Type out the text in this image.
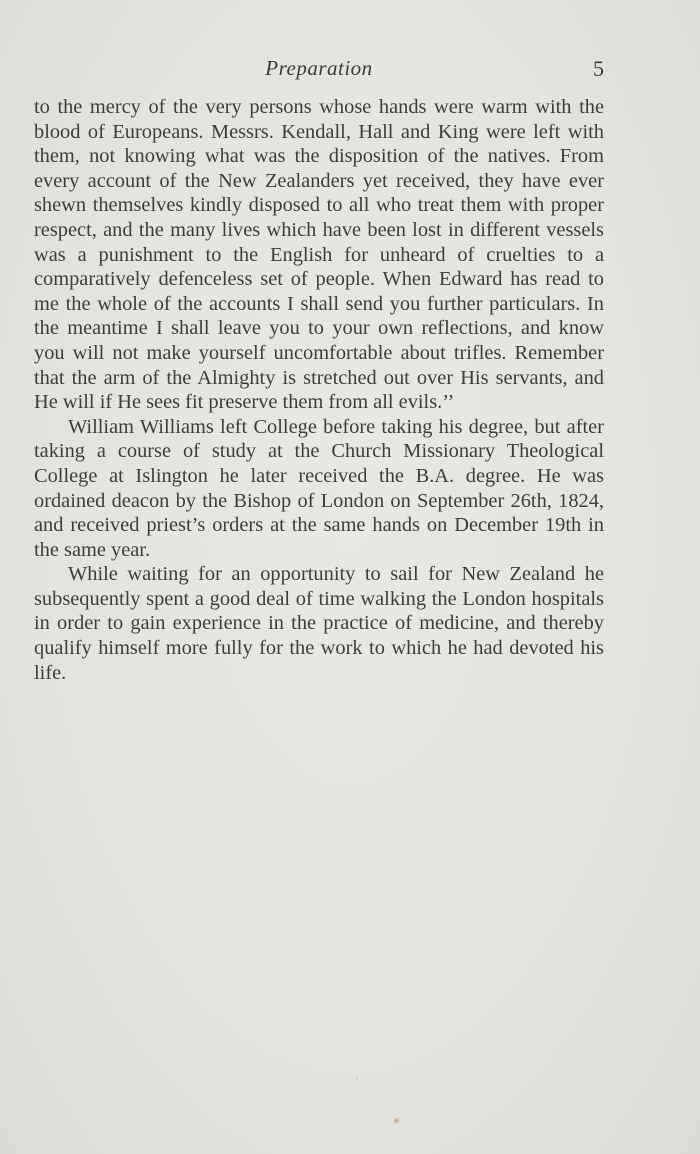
Preparation	5

to the mercy of the very persons whose hands were warm with the blood of Europeans. Messrs. Kendall, Hall and King were left with them, not knowing what was the disposition of the natives. From every account of the New Zealanders yet received, they have ever shewn themselves kindly disposed to all who treat them with proper respect, and the many lives which have been lost in different vessels was a punishment to the English for unheard of cruelties to a comparatively defenceless set of people. When Edward has read to me the whole of the accounts I shall send you further particulars. In the meantime I shall leave you to your own reflections, and know you will not make yourself uncomfortable about trifles. Remember that the arm of the Almighty is stretched out over His servants, and He will if He sees fit preserve them from all evils.’’

William Williams left College before taking his degree, but after taking a course of study at the Church Missionary Theological College at Islington he later received the B.A. degree. He was ordained deacon by the Bishop of London on September 26th, 1824, and received priest’s orders at the same hands on December 19th in the same year.

While waiting for an opportunity to sail for New Zealand he subsequently spent a good deal of time walking the London hospitals in order to gain experience in the practice of medicine, and thereby qualify himself more fully for the work to which he had devoted his life.
